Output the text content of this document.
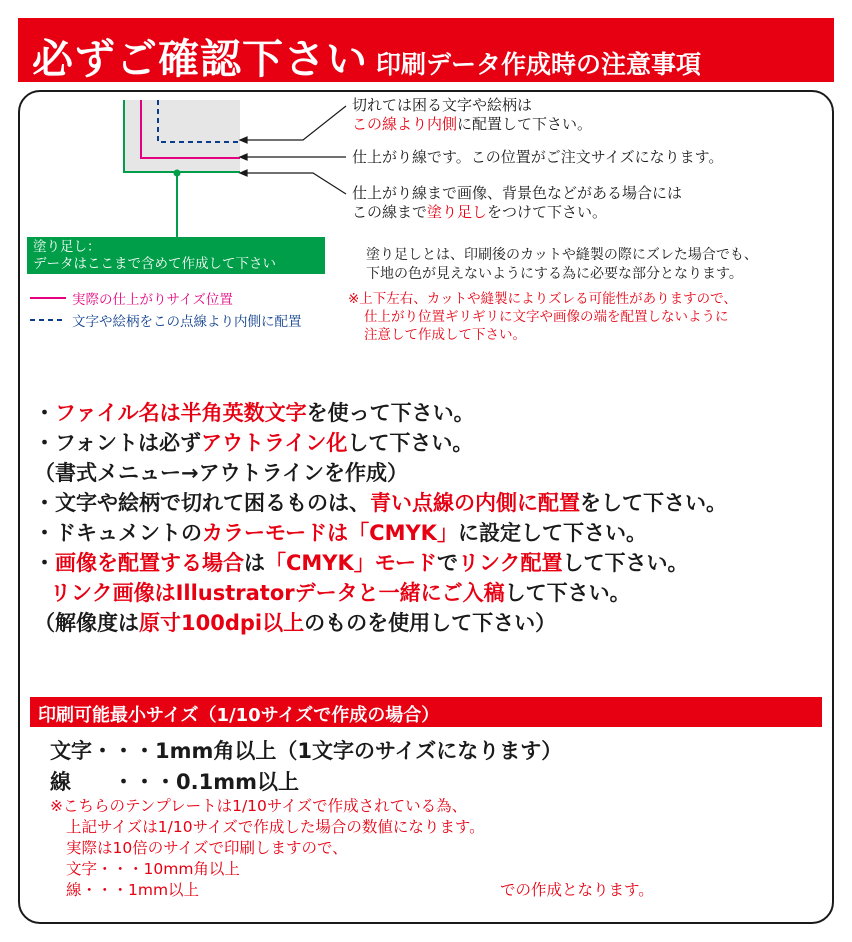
必ずご確認下さい 印刷データ作成時の注意事項
切れては困る文字や絵柄は
この線より内側に配置して下さい。
仕上がり線です。この位置がご注文サイズになります。
仕上がり線まで画像、背景色などがある場合には
この線まで塗り足しをつけて下さい。
塗り足し：
データはここまで含めて作成して下さい
実際の仕上がりサイズ位置
文字や絵柄をこの点線より内側に配置
塗り足しとは、印刷後のカットや縫製の際にズレた場合でも、
下地の色が見えないようにする為に必要な部分となります。
※上下左右、カットや縫製によりズレる可能性がありますので、
仕上がり位置ギリギリに文字や画像の端を配置しないように
注意して作成して下さい。
・ファイル名は半角英数文字を使って下さい。
・フォントは必ずアウトライン化して下さい。
（書式メニュー→アウトラインを作成）
・文字や絵柄で切れて困るものは、青い点線の内側に配置をして下さい。
・ドキュメントのカラーモードは「CMYK」に設定して下さい。
・画像を配置する場合は「CMYK」モードでリンク配置して下さい。
リンク画像はIllustratorデータと一緒にご入稿して下さい。
（解像度は原寸100dpi以上のものを使用して下さい）
印刷可能最小サイズ（1/10サイズで作成の場合）
文字・・・1mm角以上（1文字のサイズになります）
線 ・・・0.1mm以上
※こちらのテンプレートは1/10サイズで作成されている為、
上記サイズは1/10サイズで作成した場合の数値になります。
実際は10倍のサイズで印刷しますので、
文字・・・10mm角以上
線・・・1mm以上	での作成となります。
